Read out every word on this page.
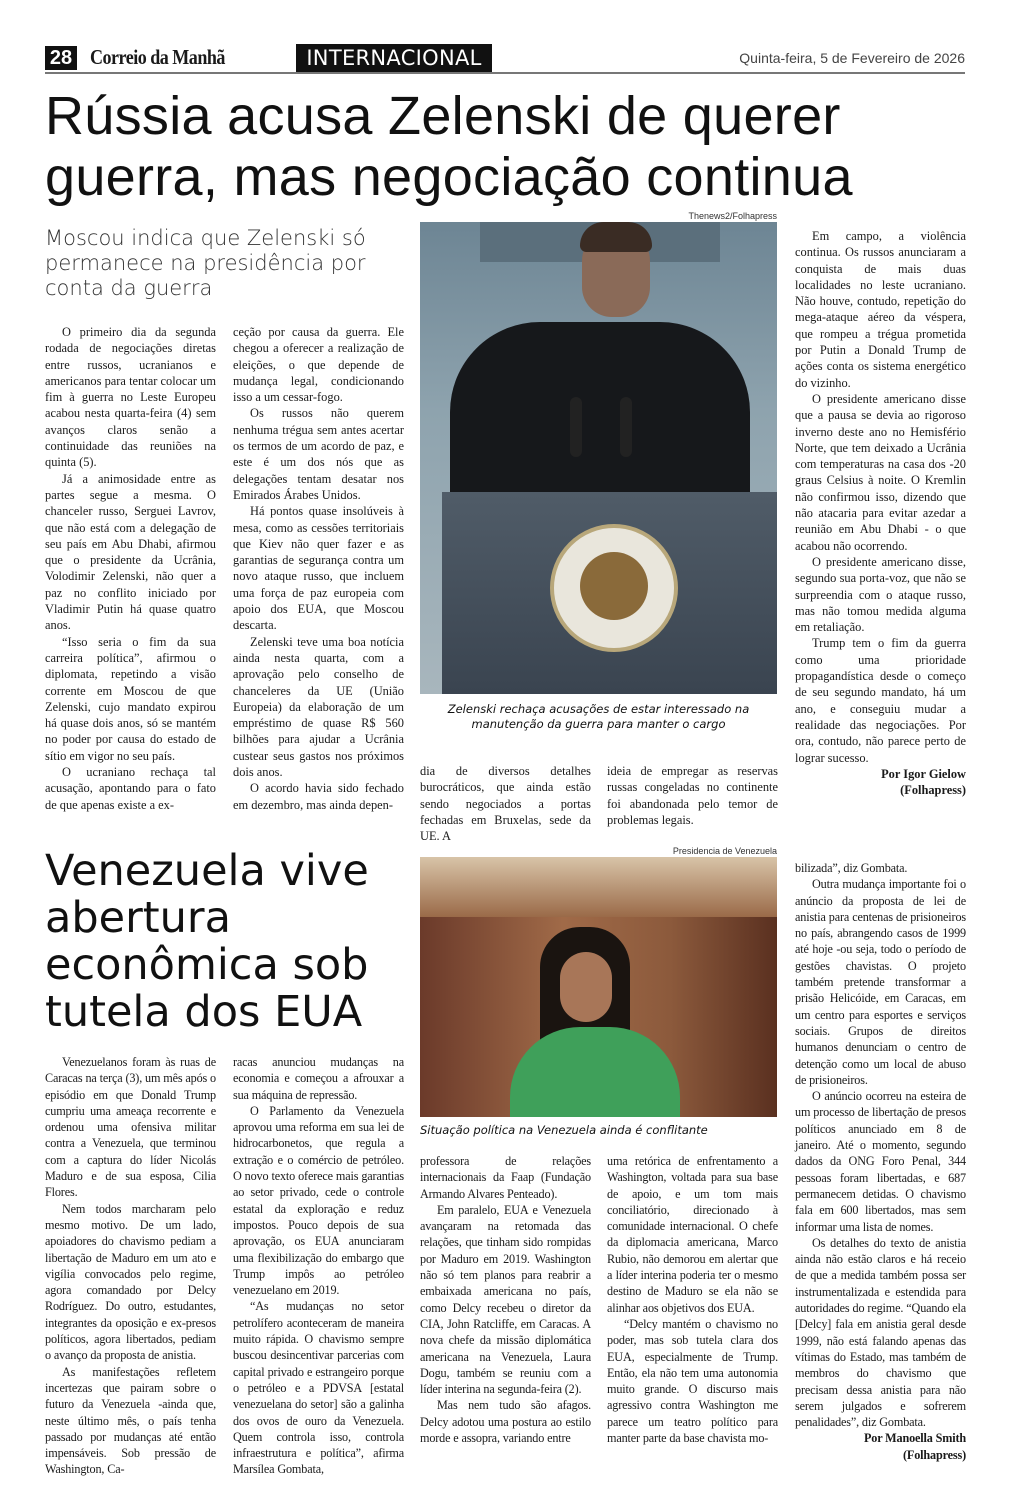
28 Correio da Manhã	INTERNACIONAL	Quinta-feira, 5 de Fevereiro de 2026
Rússia acusa Zelenski de querer guerra, mas negociação continua
Moscou indica que Zelenski só permanece na presidência por conta da guerra
Thenews2/Folhapress
Zelenski rechaça acusações de estar interessado na manutenção da guerra para manter o cargo

O primeiro dia da segunda rodada de negociações diretas entre russos, ucranianos e americanos para tentar colocar um fim à guerra no Leste Europeu acabou nesta quarta-feira (4) sem avanços claros senão a continuidade das reuniões na quinta (5).

Já a animosidade entre as partes segue a mesma. O chanceler russo, Serguei Lavrov, que não está com a delegação de seu país em Abu Dhabi, afirmou que o presidente da Ucrânia, Volodimir Zelenski, não quer a paz no conflito iniciado por Vladimir Putin há quase quatro anos.

“Isso seria o fim da sua carreira política”, afirmou o diplomata, repetindo a visão corrente em Moscou de que Zelenski, cujo mandato expirou há quase dois anos, só se mantém no poder por causa do estado de sítio em vigor no seu país.

O ucraniano rechaça tal acusação, apontando para o fato de que apenas existe a ex-

ceção por causa da guerra. Ele chegou a oferecer a realização de eleições, o que depende de mudança legal, condicionando isso a um cessar-fogo.

Os russos não querem nenhuma trégua sem antes acertar os termos de um acordo de paz, e este é um dos nós que as delegações tentam desatar nos Emirados Árabes Unidos.

Há pontos quase insolúveis à mesa, como as cessões territoriais que Kiev não quer fazer e as garantias de segurança contra um novo ataque russo, que incluem uma força de paz europeia com apoio dos EUA, que Moscou descarta.

Zelenski teve uma boa notícia ainda nesta quarta, com a aprovação pelo conselho de chanceleres da UE (União Europeia) da elaboração de um empréstimo de quase R$ 560 bilhões para ajudar a Ucrânia custear seus gastos nos próximos dois anos.

O acordo havia sido fechado em dezembro, mas ainda depen-

dia de diversos detalhes burocráticos, que ainda estão sendo negociados a portas fechadas em Bruxelas, sede da UE. A

ideia de empregar as reservas russas congeladas no continente foi abandonada pelo temor de problemas legais.

Em campo, a violência continua. Os russos anunciaram a conquista de mais duas localidades no leste ucraniano. Não houve, contudo, repetição do mega-ataque aéreo da véspera, que rompeu a trégua prometida por Putin a Donald Trump de ações conta os sistema energético do vizinho.

O presidente americano disse que a pausa se devia ao rigoroso inverno deste ano no Hemisfério Norte, que tem deixado a Ucrânia com temperaturas na casa dos -20 graus Celsius à noite. O Kremlin não confirmou isso, dizendo que não atacaria para evitar azedar a reunião em Abu Dhabi - o que acabou não ocorrendo.

O presidente americano disse, segundo sua porta-voz, que não se surpreendia com o ataque russo, mas não tomou medida alguma em retaliação.

Trump tem o fim da guerra como uma prioridade propagandística desde o começo de seu segundo mandato, há um ano, e conseguiu mudar a realidade das negociações. Por ora, contudo, não parece perto de lograr sucesso.

Por Igor Gielow

(Folhapress)

Venezuela vive abertura econômica sob tutela dos EUA
Presidencia de Venezuela
Situação política na Venezuela ainda é conflitante

Venezuelanos foram às ruas de Caracas na terça (3), um mês após o episódio em que Donald Trump cumpriu uma ameaça recorrente e ordenou uma ofensiva militar contra a Venezuela, que terminou com a captura do líder Nicolás Maduro e de sua esposa, Cilia Flores.

Nem todos marcharam pelo mesmo motivo. De um lado, apoiadores do chavismo pediam a libertação de Maduro em um ato e vigília convocados pelo regime, agora comandado por Delcy Rodríguez. Do outro, estudantes, integrantes da oposição e ex-presos políticos, agora libertados, pediam o avanço da proposta de anistia.

As manifestações refletem incertezas que pairam sobre o futuro da Venezuela -ainda que, neste último mês, o país tenha passado por mudanças até então impensáveis. Sob pressão de Washington, Ca-

racas anunciou mudanças na economia e começou a afrouxar a sua máquina de repressão.

O Parlamento da Venezuela aprovou uma reforma em sua lei de hidrocarbonetos, que regula a extração e o comércio de petróleo. O novo texto oferece mais garantias ao setor privado, cede o controle estatal da exploração e reduz impostos. Pouco depois de sua aprovação, os EUA anunciaram uma flexibilização do embargo que Trump impôs ao petróleo venezuelano em 2019.

“As mudanças no setor petrolífero aconteceram de maneira muito rápida. O chavismo sempre buscou desincentivar parcerias com capital privado e estrangeiro porque o petróleo e a PDVSA [estatal venezuelana do setor] são a galinha dos ovos de ouro da Venezuela. Quem controla isso, controla infraestrutura e política”, afirma Marsílea Gombata,

professora de relações internacionais da Faap (Fundação Armando Alvares Penteado).

Em paralelo, EUA e Venezuela avançaram na retomada das relações, que tinham sido rompidas por Maduro em 2019. Washington não só tem planos para reabrir a embaixada americana no país, como Delcy recebeu o diretor da CIA, John Ratcliffe, em Caracas. A nova chefe da missão diplomática americana na Venezuela, Laura Dogu, também se reuniu com a líder interina na segunda-feira (2).

Mas nem tudo são afagos. Delcy adotou uma postura ao estilo morde e assopra, variando entre

uma retórica de enfrentamento a Washington, voltada para sua base de apoio, e um tom mais conciliatório, direcionado à comunidade internacional. O chefe da diplomacia americana, Marco Rubio, não demorou em alertar que a líder interina poderia ter o mesmo destino de Maduro se ela não se alinhar aos objetivos dos EUA.

“Delcy mantém o chavismo no poder, mas sob tutela clara dos EUA, especialmente de Trump. Então, ela não tem uma autonomia muito grande. O discurso mais agressivo contra Washington me parece um teatro político para manter parte da base chavista mo-

bilizada”, diz Gombata.

Outra mudança importante foi o anúncio da proposta de lei de anistia para centenas de prisioneiros no país, abrangendo casos de 1999 até hoje -ou seja, todo o período de gestões chavistas. O projeto também pretende transformar a prisão Helicóide, em Caracas, em um centro para esportes e serviços sociais. Grupos de direitos humanos denunciam o centro de detenção como um local de abuso de prisioneiros.

O anúncio ocorreu na esteira de um processo de libertação de presos políticos anunciado em 8 de janeiro. Até o momento, segundo dados da ONG Foro Penal, 344 pessoas foram libertadas, e 687 permanecem detidas. O chavismo fala em 600 libertados, mas sem informar uma lista de nomes.

Os detalhes do texto de anistia ainda não estão claros e há receio de que a medida também possa ser instrumentalizada e estendida para autoridades do regime. “Quando ela [Delcy] fala em anistia geral desde 1999, não está falando apenas das vítimas do Estado, mas também de membros do chavismo que precisam dessa anistia para não serem julgados e sofrerem penalidades”, diz Gombata.

Por Manoella Smith

(Folhapress)
